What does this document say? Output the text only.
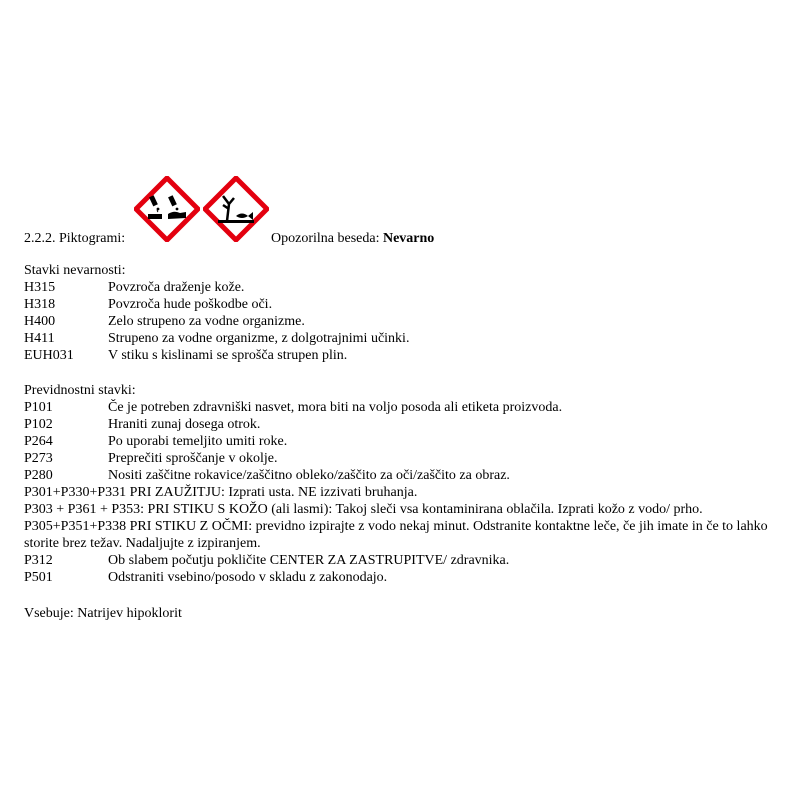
2.2.2. Piktogrami:	Opozorilna beseda: Nevarno
Stavki nevarnosti:
H315	Povzroča draženje kože.
H318	Povzroča hude poškodbe oči.
H400	Zelo strupeno za vodne organizme.
H411	Strupeno za vodne organizme, z dolgotrajnimi učinki.
EUH031	V stiku s kislinami se sprošča strupen plin.
Previdnostni stavki:
P101	Če je potreben zdravniški nasvet, mora biti na voljo posoda ali etiketa proizvoda.
P102	Hraniti zunaj dosega otrok.
P264	Po uporabi temeljito umiti roke.
P273	Preprečiti sproščanje v okolje.
P280	Nositi zaščitne rokavice/zaščitno obleko/zaščito za oči/zaščito za obraz.
P301+P330+P331 PRI ZAUŽITJU: Izprati usta. NE izzivati bruhanja.
P303 + P361 + P353: PRI STIKU S KOŽO (ali lasmi): Takoj sleči vsa kontaminirana oblačila. Izprati kožo z vodo/ prho.
P305+P351+P338 PRI STIKU Z OČMI: previdno izpirajte z vodo nekaj minut. Odstranite kontaktne leče, če jih imate in če to lahko storite brez težav. Nadaljujte z izpiranjem.
P312	Ob slabem počutju pokličite CENTER ZA ZASTRUPITVE/ zdravnika.
P501	Odstraniti vsebino/posodo v skladu z zakonodajo.
Vsebuje: Natrijev hipoklorit
